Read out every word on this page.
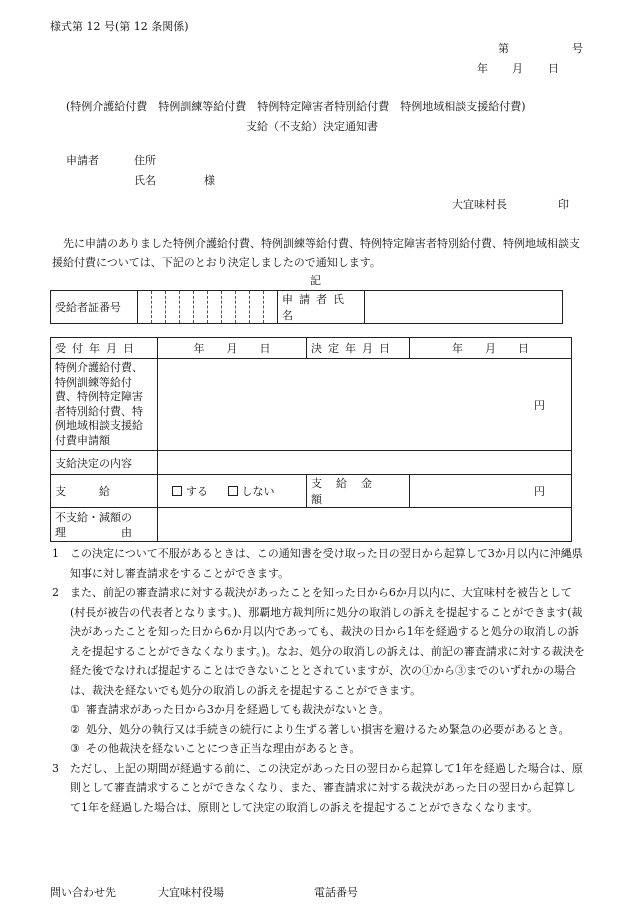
様式第 12 号(第 12 条関係)
第	号
年 月 日
(特例介護給付費　特例訓練等給付費　特例特定障害者特別給付費　特例地域相談支援給付費)
支給（不支給）決定通知書
申請者	住所
氏名	様
大宜味村長	印
先に申請のありました特例介護給付費、特例訓練等給付費、特例特定障害者特別給付費、特例地域相談支援給付費については、下記のとおり決定しましたので通知します。
記
受給者証番号											申請者氏名	
受付年月日	年　　月　　日	決定年月日	年　　月　　日
特例介護給付費、特例訓練等給付費、特例特定障害者特別給付費、特例地域相談支援給付費申請額	円		
支給決定の内容			
支　　　給	する しない	支給金額	円

不支給・減額の
理　　　　　由			

1 この決定について不服があるときは、この通知書を受け取った日の翌日から起算して3か月以内に沖縄県知事に対し審査請求をすることができます。
2 また、前記の審査請求に対する裁決があったことを知った日から6か月以内に、大宜味村を被告として(村長が被告の代表者となります。)、那覇地方裁判所に処分の取消しの訴えを提起することができます(裁決があったことを知った日から6か月以内であっても、裁決の日から1年を経過すると処分の取消しの訴えを提起することができなくなります。)。なお、処分の取消しの訴えは、前記の審査請求に対する裁決を経た後でなければ提起することはできないこととされていますが、次の①から③までのいずれかの場合は、裁決を経ないでも処分の取消しの訴えを提起することができます。
① 審査請求があった日から3か月を経過しても裁決がないとき。
② 処分、処分の執行又は手続きの続行により生ずる著しい損害を避けるため緊急の必要があるとき。
③ その他裁決を経ないことにつき正当な理由があるとき。
3 ただし、上記の期間が経過する前に、この決定があった日の翌日から起算して1年を経過した場合は、原則として審査請求することができなくなり、また、審査請求に対する裁決があった日の翌日から起算して1年を経過した場合は、原則として決定の取消しの訴えを提起することができなくなります。
問い合わせ先	大宜味村役場	電話番号
